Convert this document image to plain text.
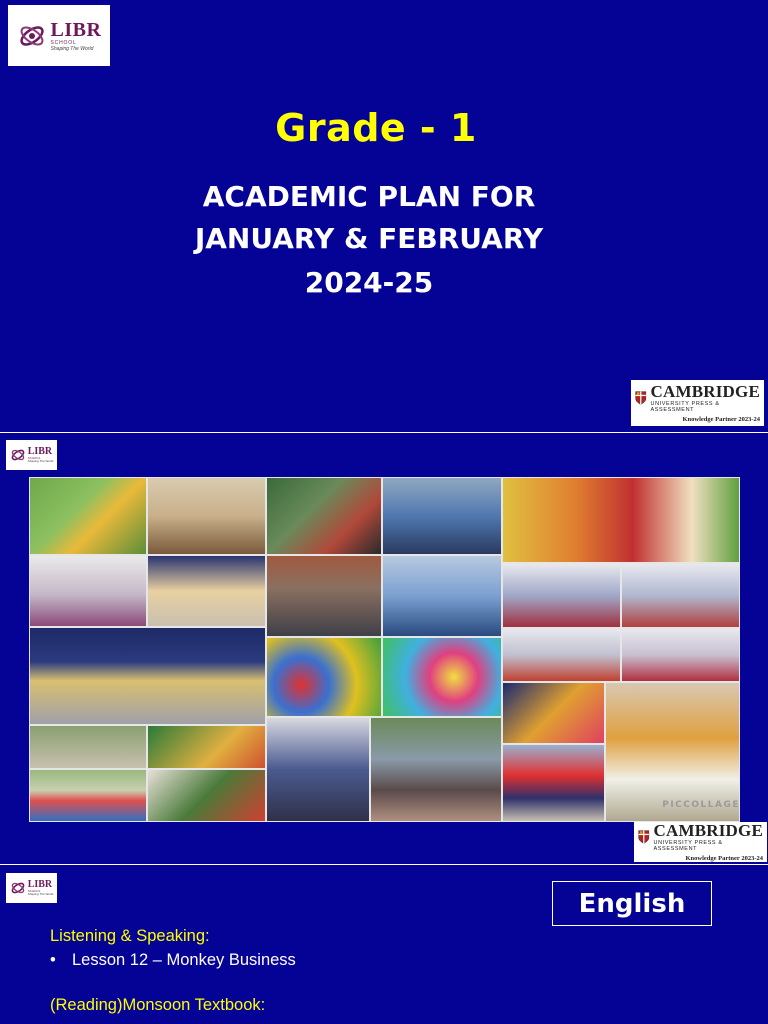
LIBR
SCHOOL
Shaping The World
Grade - 1
ACADEMIC PLAN FOR
JANUARY & FEBRUARY
2024-25
CAMBRIDGE
UNIVERSITY PRESS & ASSESSMENT
Knowledge Partner 2023-24
LIBR
SCHOOL
Shaping The World
PICCOLLAGE
CAMBRIDGE
UNIVERSITY PRESS & ASSESSMENT
Knowledge Partner 2023-24
LIBR
SCHOOL
Shaping The World	English
Listening & Speaking:
• Lesson 12 – Monkey Business
(Reading)Monsoon Textbook:
